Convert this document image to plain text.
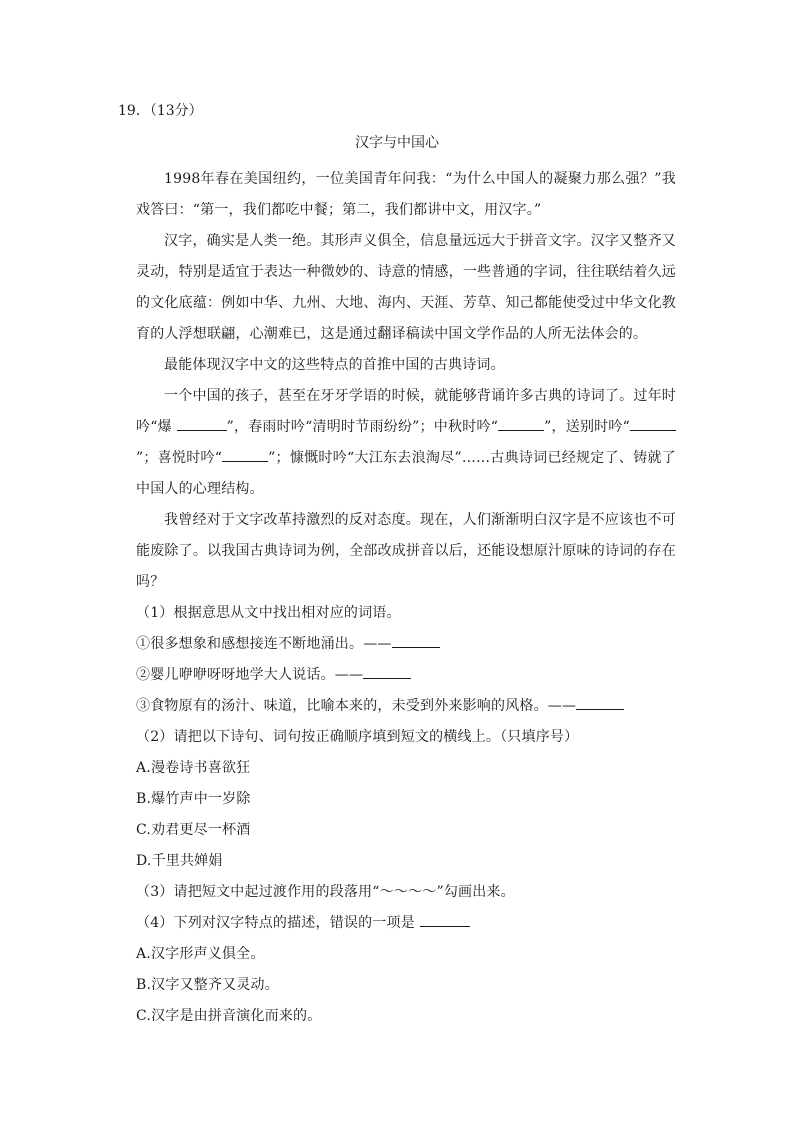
19．（13分）
汉字与中国心

1998年春在美国纽约，一位美国青年问我：“为什么中国人的凝聚力那么强？”我戏答曰：“第一，我们都吃中餐；第二，我们都讲中文，用汉字。”

汉字，确实是人类一绝。其形声义俱全，信息量远远大于拼音文字。汉字又整齐又灵动，特别是适宜于表达一种微妙的、诗意的情感，一些普通的字词，往往联结着久远的文化底蕴：例如中华、九州、大地、海内、天涯、芳草、知己都能使受过中华文化教育的人浮想联翩，心潮难已，这是通过翻译稿读中国文学作品的人所无法体会的。

最能体现汉字中文的这些特点的首推中国的古典诗词。

一个中国的孩子，甚至在牙牙学语的时候，就能够背诵许多古典的诗词了。过年时吟“爆	”，春雨时吟“清明时节雨纷纷”；中秋时吟“	”，送别时吟“”；喜悦时吟“	”；慷慨时吟“大江东去浪淘尽”……古典诗词已经规定了、铸就了中国人的心理结构。

我曾经对于文字改革持激烈的反对态度。现在，人们渐渐明白汉字是不应该也不可能废除了。以我国古典诗词为例，全部改成拼音以后，还能设想原汁原味的诗词的存在吗？

（1）根据意思从文中找出相对应的词语。

①很多想象和感想接连不断地涌出。——

②婴儿咿咿呀呀地学大人说话。——

③食物原有的汤汁、味道，比喻本来的，未受到外来影响的风格。——

（2）请把以下诗句、词句按正确顺序填到短文的横线上。（只填序号）

A.漫卷诗书喜欲狂

B.爆竹声中一岁除

C.劝君更尽一杯酒

D.千里共婵娟

（3）请把短文中起过渡作用的段落用“～～～～”勾画出来。

（4）下列对汉字特点的描述，错误的一项是

A.汉字形声义俱全。

B.汉字又整齐又灵动。

C.汉字是由拼音演化而来的。
